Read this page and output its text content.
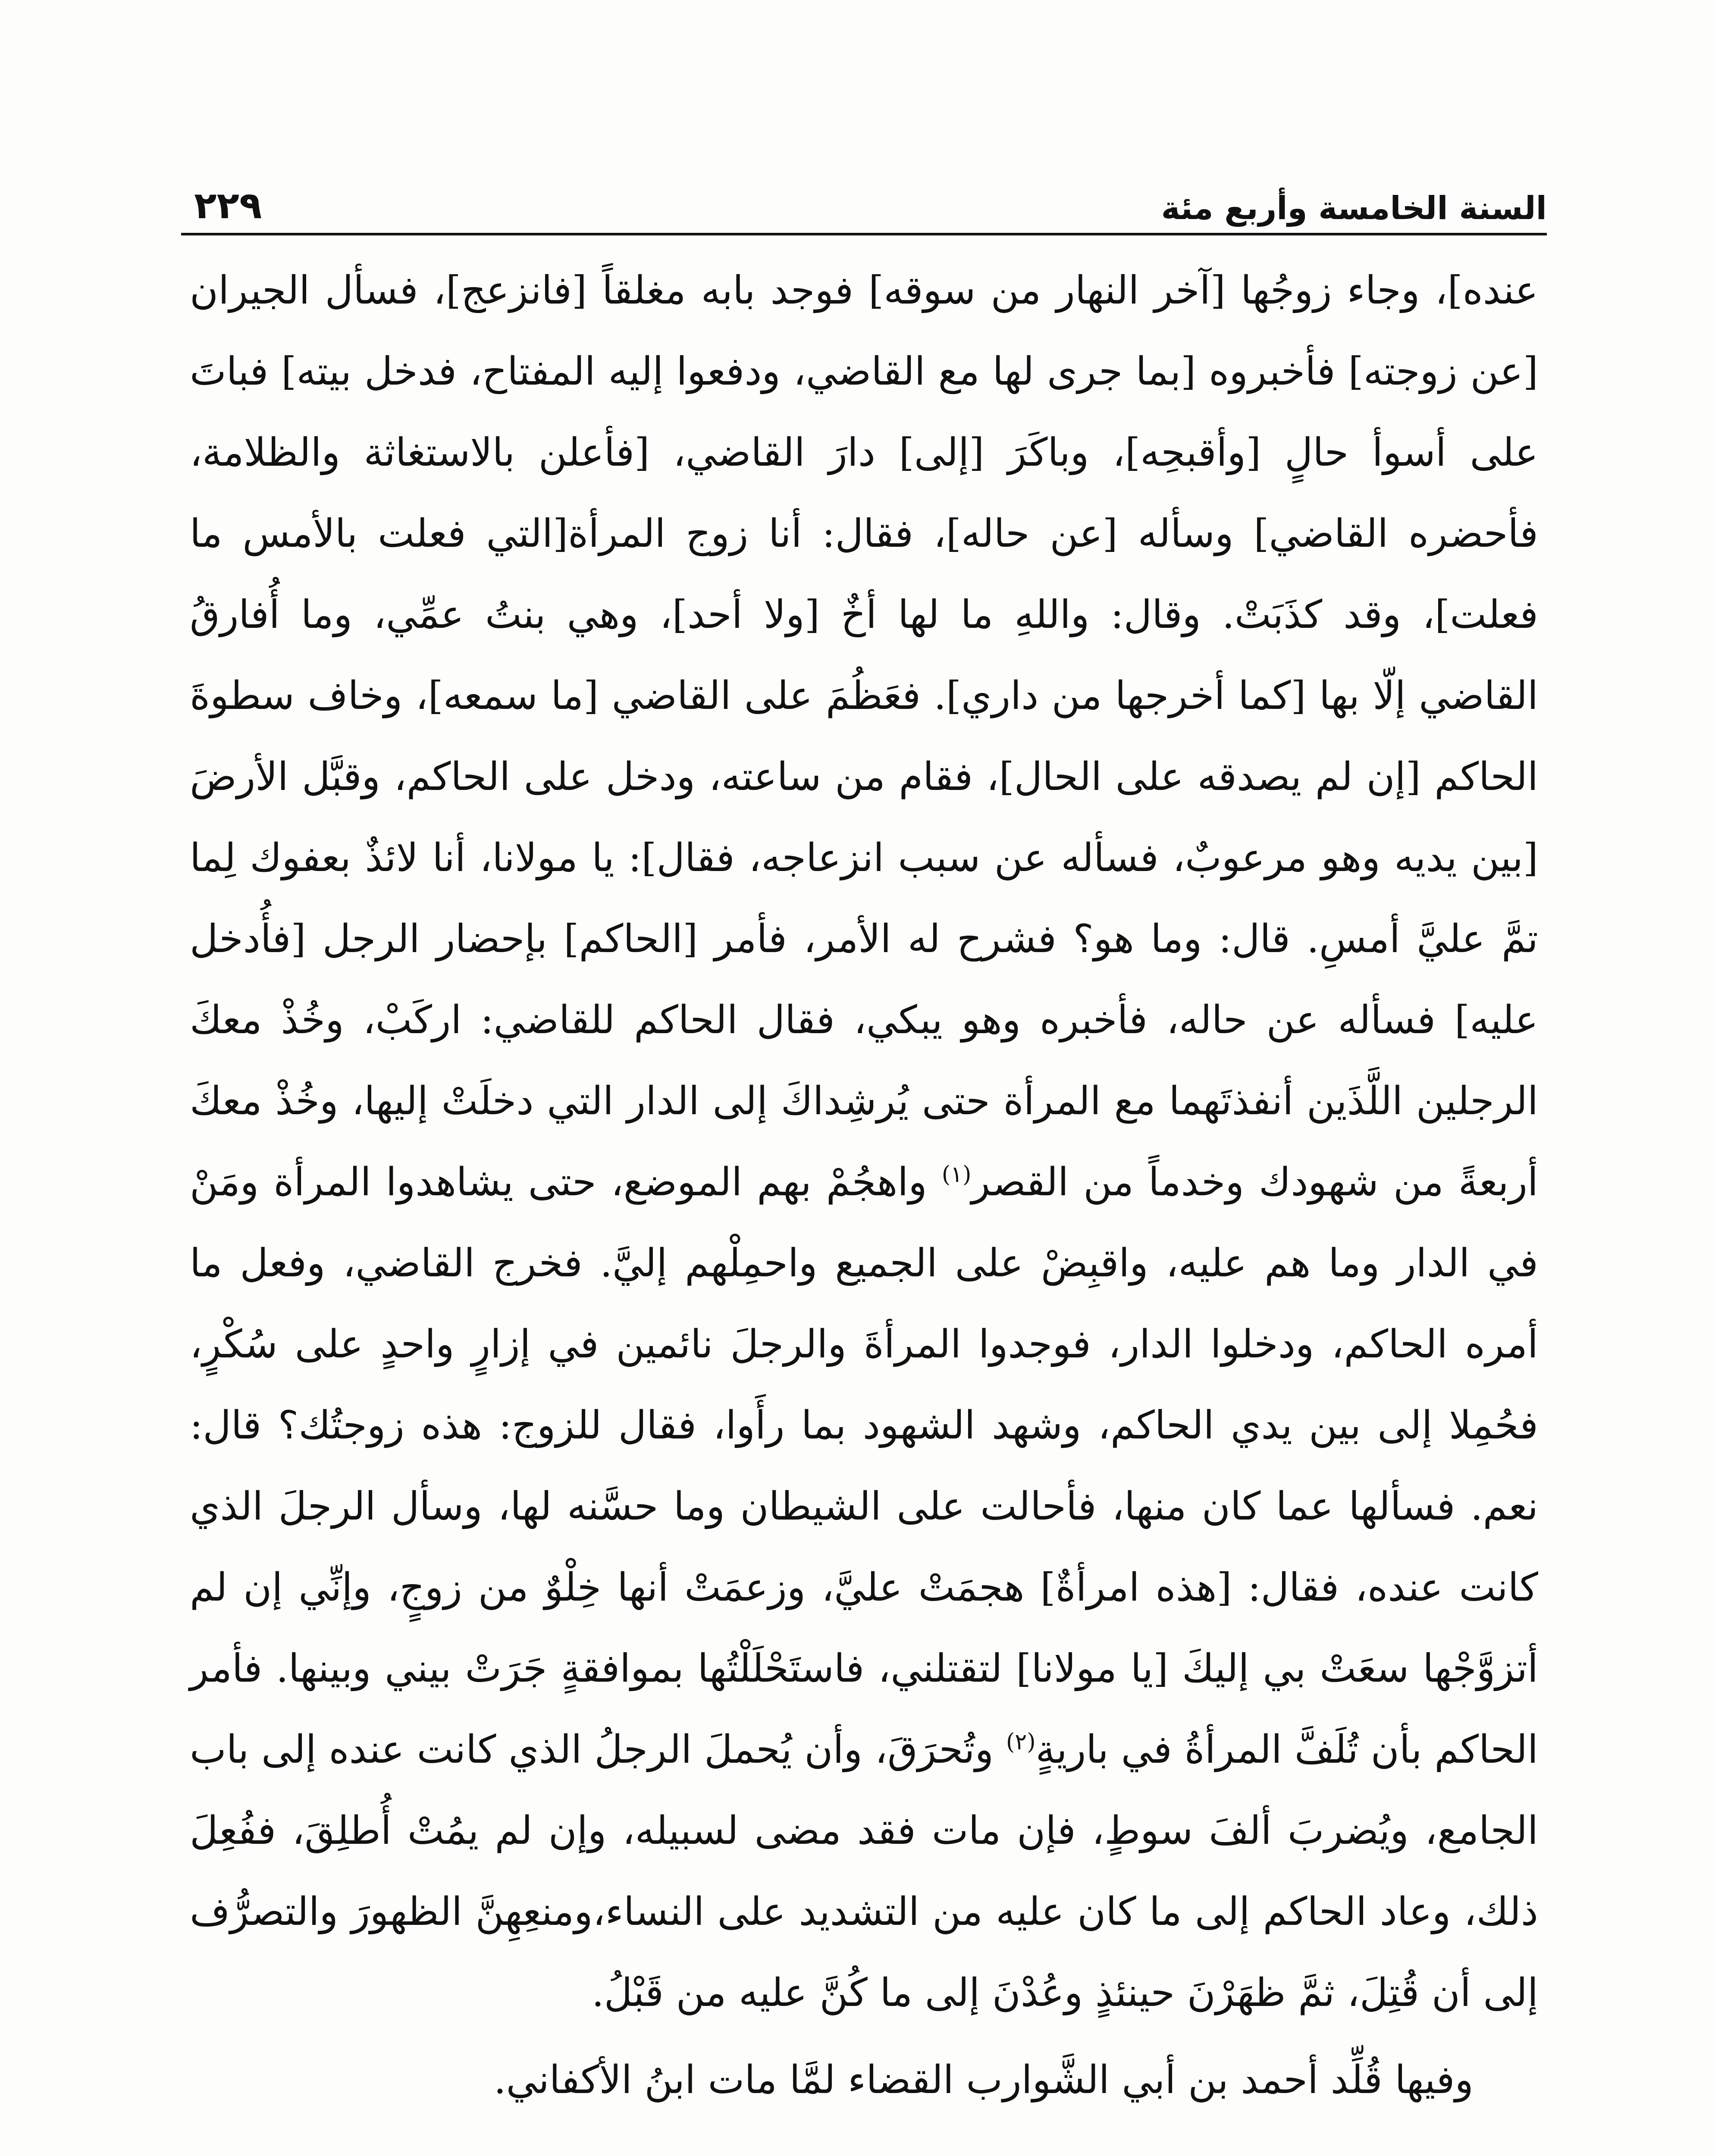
السنة الخامسة وأربع مئة
٢٢٩

عنده]، وجاء زوجُها [آخر النهار من سوقه] فوجد بابه مغلقاً [فانزعج]، فسأل الجيران [عن زوجته] فأخبروه [بما جرى لها مع القاضي، ودفعوا إليه المفتاح، فدخل بيته] فباتَ على أسوأ حالٍ [وأقبحِه]، وباكَرَ [إلى] دارَ القاضي، [فأعلن بالاستغاثة والظلامة، فأحضره القاضي] وسأله [عن حاله]، فقال: أنا زوج المرأة[التي فعلت بالأمس ما فعلت]، وقد كذَبَتْ. وقال: واللهِ ما لها أخٌ [ولا أحد]، وهي بنتُ عمِّي، وما أُفارقُ القاضي إلّا بها [كما أخرجها من داري]. فعَظُمَ على القاضي [ما سمعه]، وخاف سطوةَ الحاكم [إن لم يصدقه على الحال]، فقام من ساعته، ودخل على الحاكم، وقبَّل الأرضَ [بين يديه وهو مرعوبٌ، فسأله عن سبب انزعاجه، فقال]: يا مولانا، أنا لائذٌ بعفوك لِما تمَّ عليَّ أمسِ. قال: وما هو؟ فشرح له الأمر، فأمر [الحاكم] بإحضار الرجل [فأُدخل عليه] فسأله عن حاله، فأخبره وهو يبكي، فقال الحاكم للقاضي: اركَبْ، وخُذْ معكَ الرجلين اللَّذَين أنفذتَهما مع المرأة حتى يُرشِداكَ إلى الدار التي دخلَتْ إليها، وخُذْ معكَ أربعةً من شهودك وخدماً من القصر$^{(١)}$ واهجُمْ بهم الموضع، حتى يشاهدوا المرأة ومَنْ في الدار وما هم عليه، واقبِضْ على الجميع واحمِلْهم إليَّ. فخرج القاضي، وفعل ما أمره الحاكم، ودخلوا الدار، فوجدوا المرأةَ والرجلَ نائمين في إزارٍ واحدٍ على سُكْرٍ، فحُمِلا إلى بين يدي الحاكم، وشهد الشهود بما رأَوا، فقال للزوج: هذه زوجتُك؟ قال: نعم. فسألها عما كان منها، فأحالت على الشيطان وما حسَّنه لها، وسأل الرجلَ الذي كانت عنده، فقال: [هذه امرأةٌ] هجمَتْ عليَّ، وزعمَتْ أنها خِلْوٌ من زوجٍ، وإنِّي إن لم أتزوَّجْها سعَتْ بي إليكَ [يا مولانا] لتقتلني، فاستَحْلَلْتُها بموافقةٍ جَرَتْ بيني وبينها. فأمر الحاكم بأن تُلَفَّ المرأةُ في باريةٍ$^{(٢)}$ وتُحرَقَ، وأن يُحملَ الرجلُ الذي كانت عنده إلى باب الجامع، ويُضربَ ألفَ سوطٍ، فإن مات فقد مضى لسبيله، وإن لم يمُتْ أُطلِقَ، ففُعِلَ ذلك، وعاد الحاكم إلى ما كان عليه من التشديد على النساء،ومنعِهِنَّ الظهورَ والتصرُّف إلى أن قُتِلَ، ثمَّ ظهَرْنَ حينئذٍ وعُدْنَ إلى ما كُنَّ عليه من قَبْلُ.

وفيها قُلِّد أحمد بن أبي الشَّوارب القضاء لمَّا مات ابنُ الأكفاني.
